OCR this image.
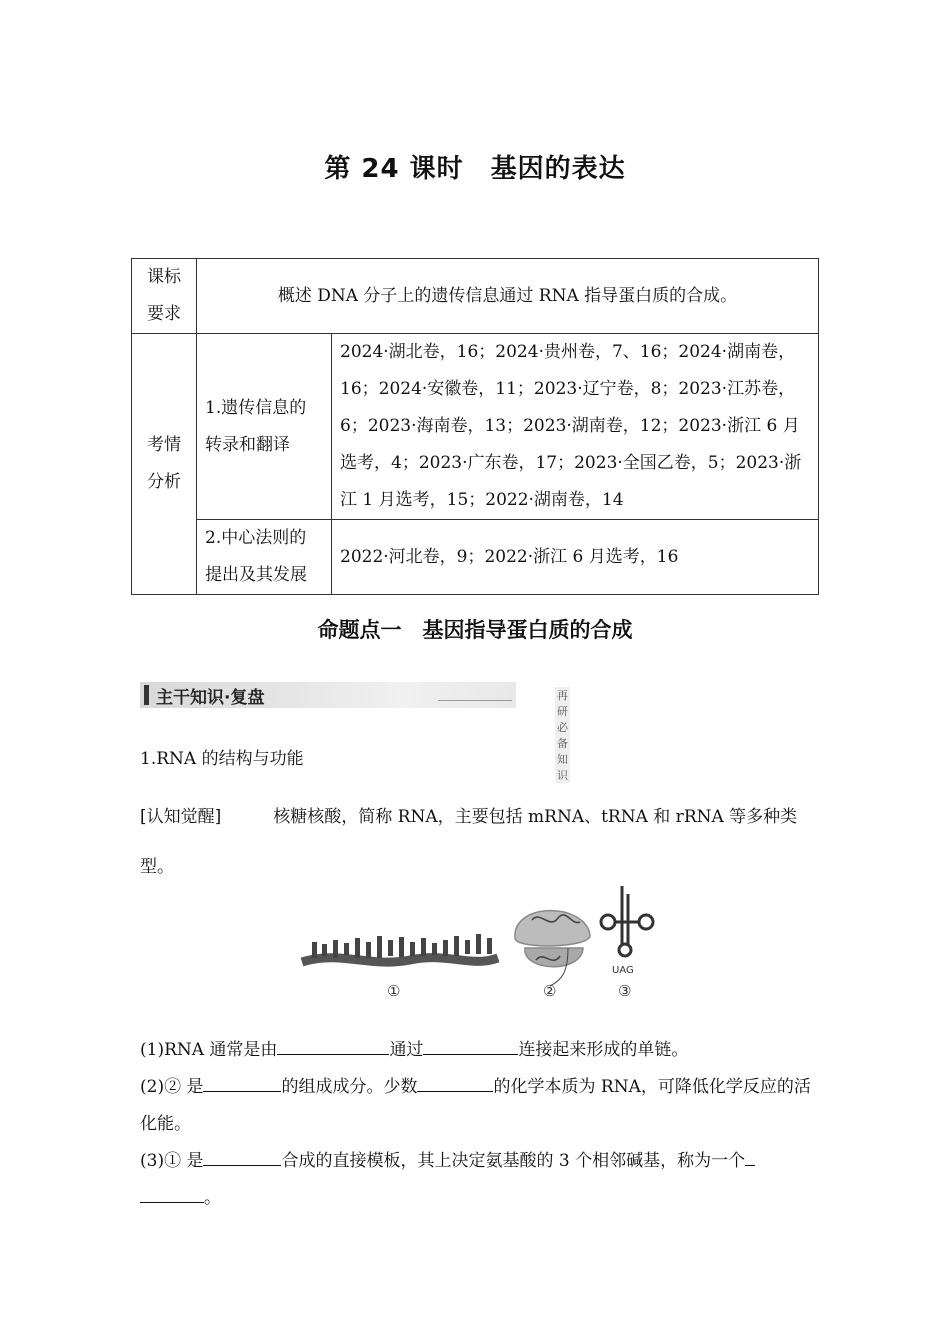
第 24 课时　基因的表达
课标
要求	概述 DNA 分子上的遗传信息通过 RNA 指导蛋白质的合成。	
考情
分析	1.遗传信息的转录和翻译	2024·湖北卷，16；2024·贵州卷，7、16；2024·湖南卷，16；2024·安徽卷，11；2023·辽宁卷，8；2023·江苏卷，6；2023·海南卷，13；2023·湖南卷，12；2023·浙江 6 月选考，4；2023·广东卷，17；2023·全国乙卷，5；2023·浙江 1 月选考，15；2022·湖南卷，14
	2.中心法则的提出及其发展	2022·河北卷，9；2022·浙江 6 月选考，16
命题点一　基因指导蛋白质的合成
主干知识·复盘	再研必备知识
1.RNA 的结构与功能
[认知觉醒]	核糖核酸，简称 RNA，主要包括 mRNA、tRNA 和 rRNA 等多种类型。
UAG
①	②	③
(1)RNA 通常是由	通过	连接起来形成的单链。
(2)② 是	的组成成分。少数	的化学本质为 RNA，可降低化学反应的活化能。
(3)① 是	合成的直接模板，其上决定氨基酸的 3 个相邻碱基，称为一个
。
